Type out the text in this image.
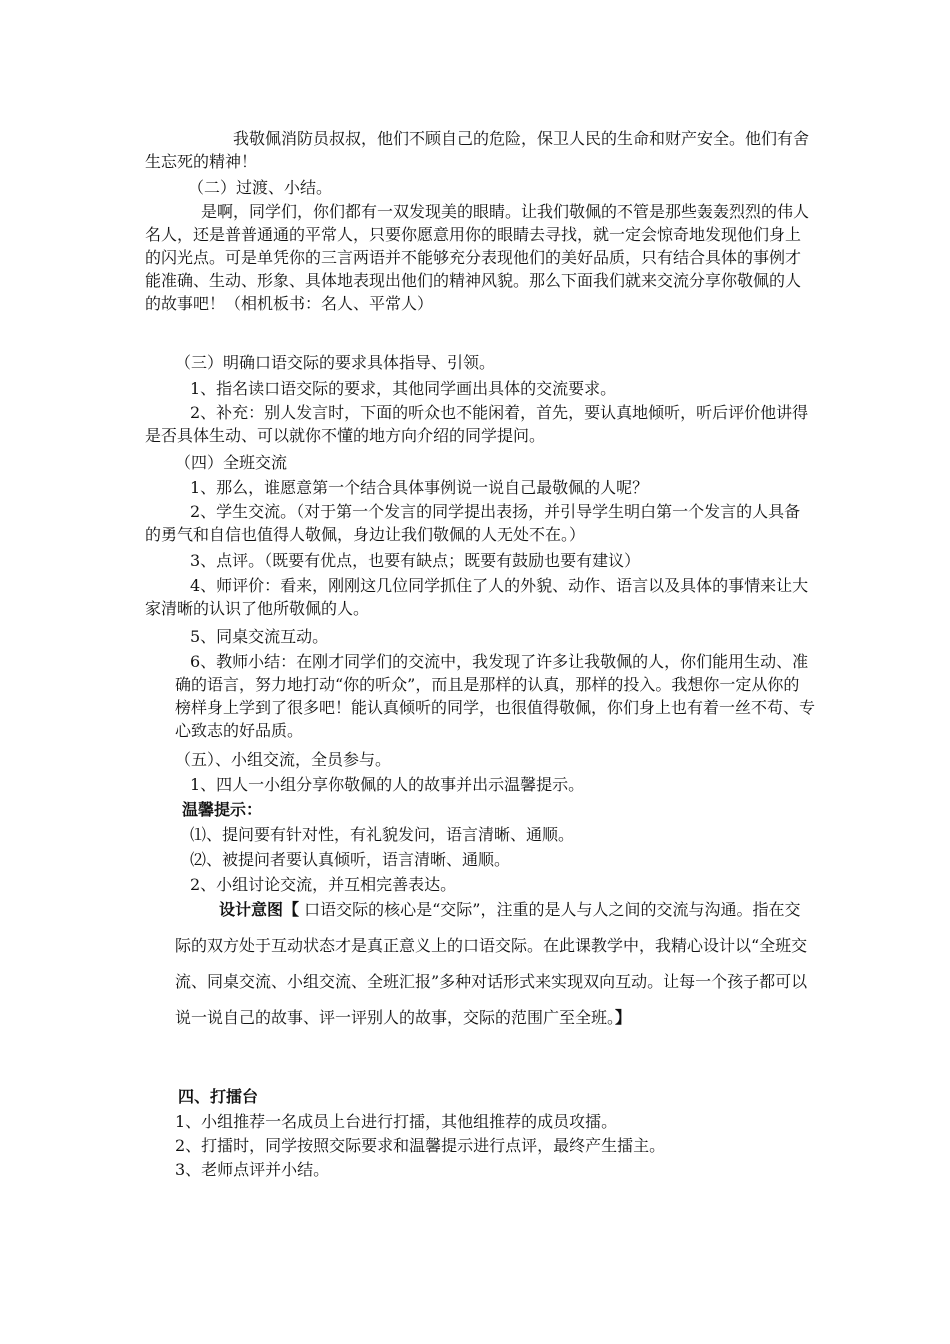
我敬佩消防员叔叔，他们不顾自己的危险，保卫人民的生命和财产安全。他们有舍生忘死的精神！

（二）过渡、小结。

是啊，同学们，你们都有一双发现美的眼睛。让我们敬佩的不管是那些轰轰烈烈的伟人名人，还是普普通通的平常人，只要你愿意用你的眼睛去寻找，就一定会惊奇地发现他们身上的闪光点。可是单凭你的三言两语并不能够充分表现他们的美好品质，只有结合具体的事例才能准确、生动、形象、具体地表现出他们的精神风貌。那么下面我们就来交流分享你敬佩的人的故事吧！（相机板书：名人、平常人）

（三）明确口语交际的要求具体指导、引领。

1、指名读口语交际的要求，其他同学画出具体的交流要求。

2、补充：别人发言时，下面的听众也不能闲着，首先，要认真地倾听，听后评价他讲得是否具体生动、可以就你不懂的地方向介绍的同学提问。

（四）全班交流

1、那么，谁愿意第一个结合具体事例说一说自己最敬佩的人呢？

2、学生交流。（对于第一个发言的同学提出表扬，并引导学生明白第一个发言的人具备的勇气和自信也值得人敬佩，身边让我们敬佩的人无处不在。）

3、点评。（既要有优点，也要有缺点；既要有鼓励也要有建议）

4、师评价：看来，刚刚这几位同学抓住了人的外貌、动作、语言以及具体的事情来让大家清晰的认识了他所敬佩的人。

5、同桌交流互动。

6、教师小结：在刚才同学们的交流中，我发现了许多让我敬佩的人，你们能用生动、准确的语言，努力地打动“你的听众”，而且是那样的认真，那样的投入。我想你一定从你的榜样身上学到了很多吧！能认真倾听的同学，也很值得敬佩，你们身上也有着一丝不苟、专心致志的好品质。

（五）、小组交流，全员参与。

1、四人一小组分享你敬佩的人的故事并出示温馨提示。

温馨提示：

⑴、提问要有针对性，有礼貌发问，语言清晰、通顺。

⑵、被提问者要认真倾听，语言清晰、通顺。

2、小组讨论交流，并互相完善表达。

设计意图【 口语交际的核心是“交际”，注重的是人与人之间的交流与沟通。指在交际的双方处于互动状态才是真正意义上的口语交际。在此课教学中，我精心设计以“全班交流、同桌交流、小组交流、全班汇报”多种对话形式来实现双向互动。让每一个孩子都可以说一说自己的故事、评一评别人的故事，交际的范围广至全班。】

四、打擂台

1、小组推荐一名成员上台进行打擂，其他组推荐的成员攻擂。

2、打擂时，同学按照交际要求和温馨提示进行点评，最终产生擂主。

3、老师点评并小结。
